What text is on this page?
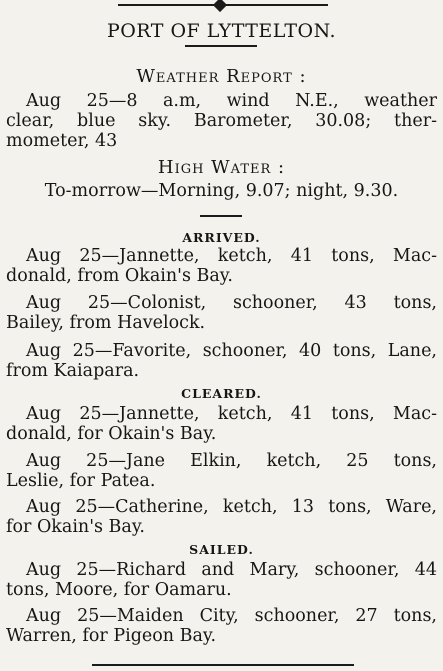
PORT OF LYTTELTON.
Weather Report :
Aug 25—8 a.m, wind N.E., weather
clear, blue sky. Barometer, 30.08; ther-
mometer, 43
High Water :
To-morrow—Morning, 9.07; night, 9.30.
ARRIVED.
Aug 25—Jannette, ketch, 41 tons, Mac-
donald, from Okain's Bay.
Aug 25—Colonist, schooner, 43 tons,
Bailey, from Havelock.
Aug 25—Favorite, schooner, 40 tons, Lane,
from Kaiapara.
CLEARED.
Aug 25—Jannette, ketch, 41 tons, Mac-
donald, for Okain's Bay.
Aug 25—Jane Elkin, ketch, 25 tons,
Leslie, for Patea.
Aug 25—Catherine, ketch, 13 tons, Ware,
for Okain's Bay.
SAILED.
Aug 25—Richard and Mary, schooner, 44
tons, Moore, for Oamaru.
Aug 25—Maiden City, schooner, 27 tons,
Warren, for Pigeon Bay.
